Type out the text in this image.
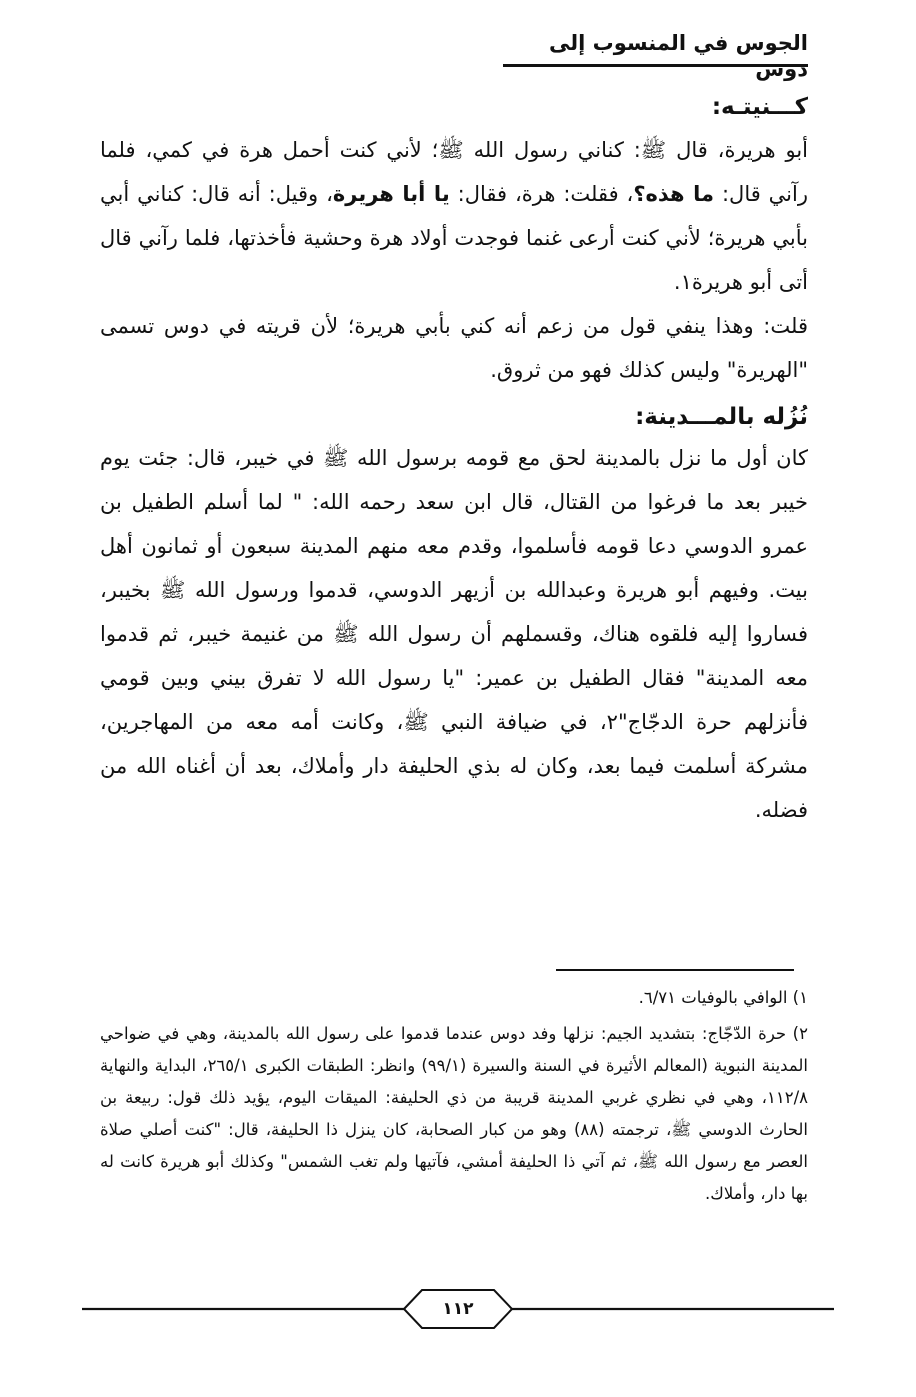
الجوس في المنسوب إلى دوس
كـــنيتـه:

أبو هريرة، قال ﷺ: كناني رسول الله ﷺ؛ لأني كنت أحمل هرة في كمي، فلما رآني قال: ما هذه؟، فقلت: هرة، فقال: يا أبا هريرة، وقيل: أنه قال: كناني أبي بأبي هريرة؛ لأني كنت أرعى غنما فوجدت أولاد هرة وحشية فأخذتها، فلما رآني قال أتى أبو هريرة١.

قلت: وهذا ينفي قول من زعم أنه كني بأبي هريرة؛ لأن قريته في دوس تسمى "الهريرة" وليس كذلك فهو من ثروق.

نُزُله بالمـــدينة:

كان أول ما نزل بالمدينة لحق مع قومه برسول الله ﷺ في خيبر، قال: جئت يوم خيبر بعد ما فرغوا من القتال، قال ابن سعد رحمه الله: " لما أسلم الطفيل بن عمرو الدوسي دعا قومه فأسلموا، وقدم معه منهم المدينة سبعون أو ثمانون أهل بيت. وفيهم أبو هريرة وعبدالله بن أزيهر الدوسي، قدموا ورسول الله ﷺ بخيبر، فساروا إليه فلقوه هناك، وقسملهم أن رسول الله ﷺ من غنيمة خيبر، ثم قدموا معه المدينة" فقال الطفيل بن عمير: "يا رسول الله لا تفرق بيني وبين قومي فأنزلهم حرة الدجّاج"٢، في ضيافة النبي ﷺ، وكانت أمه معه من المهاجرين، مشركة أسلمت فيما بعد، وكان له بذي الحليفة دار وأملاك، بعد أن أغناه الله من فضله.

١) الوافي بالوفيات ٦/٧١.

٢) حرة الدّجّاج: بتشديد الجيم: نزلها وفد دوس عندما قدموا على رسول الله بالمدينة، وهي في ضواحي المدينة النبوية (المعالم الأثيرة في السنة والسيرة (٩٩/١) وانظر: الطبقات الكبرى ٢٦٥/١، البداية والنهاية ١١٢/٨، وهي في نظري غربي المدينة قريبة من ذي الحليفة: الميقات اليوم، يؤيد ذلك قول: ربيعة بن الحارث الدوسي ﷺ، ترجمته (٨٨) وهو من كبار الصحابة، كان ينزل ذا الحليفة، قال: "كنت أصلي صلاة العصر مع رسول الله ﷺ، ثم آتي ذا الحليفة أمشي، فآتيها ولم تغب الشمس" وكذلك أبو هريرة كانت له بها دار، وأملاك.

١١٢
